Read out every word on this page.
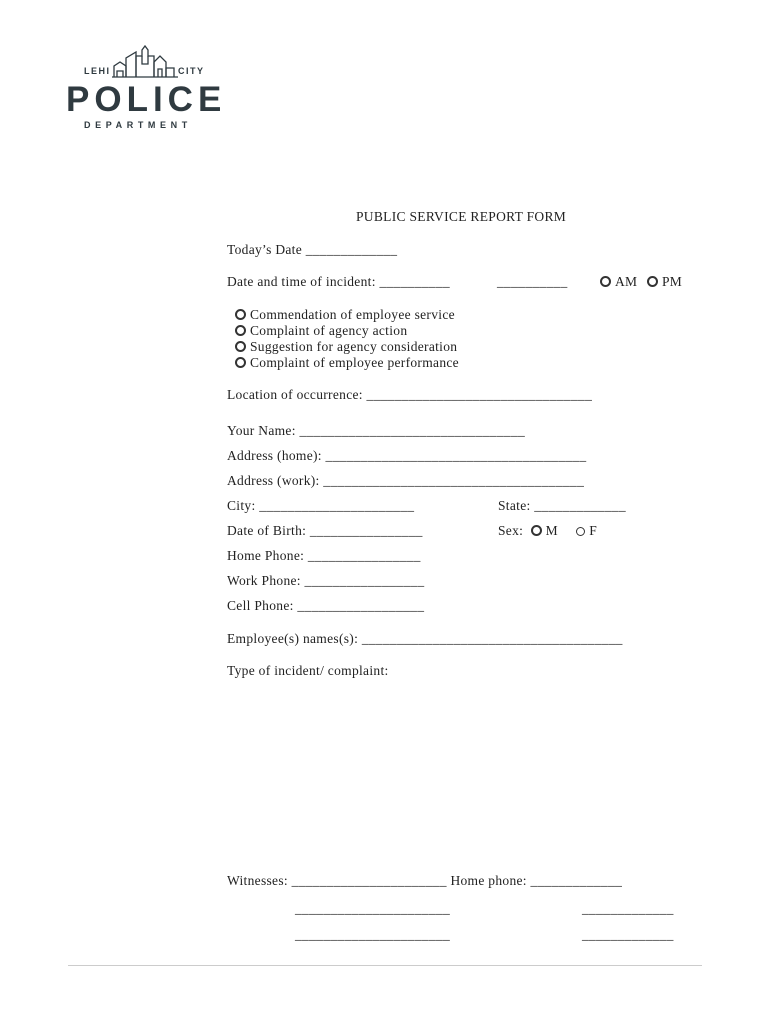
LEHI	CITY
POLICE
DEPARTMENT
PUBLIC SERVICE REPORT FORM
Today’s Date _____________
Date and time of incident: __________	__________	AM	PM
Commendation of employee service
Complaint of agency action
Suggestion for agency consideration
Complaint of employee performance
Location of occurrence: ________________________________
Your Name: ________________________________
Address (home): _____________________________________
Address (work): _____________________________________
City: ______________________	State: _____________
Date of Birth: ________________	Sex: M F
Home Phone: ________________
Work Phone: _________________
Cell Phone: __________________
Employee(s) names(s): _____________________________________
Type of incident/ complaint:
Witnesses: ______________________ Home phone: _____________
______________________	_____________
______________________	_____________
